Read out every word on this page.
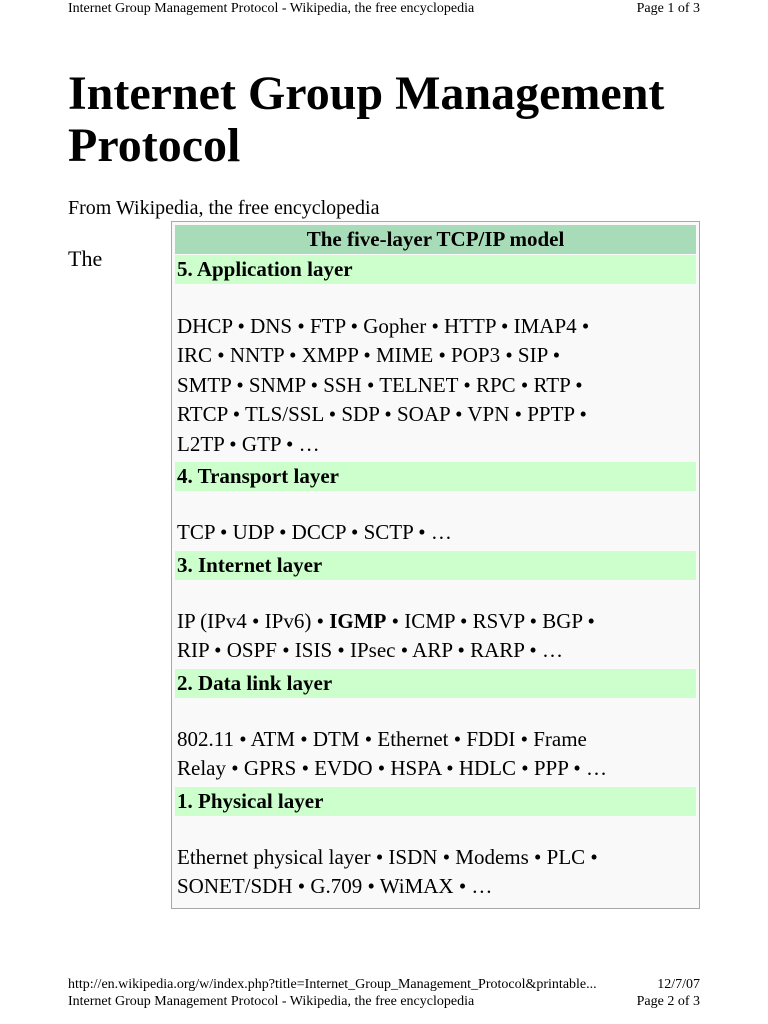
Internet Group Management Protocol - Wikipedia, the free encyclopedia	Page 1 of 3
Internet Group Management Protocol
From Wikipedia, the free encyclopedia
The
The five-layer TCP/IP model
5. Application layer
DHCP • DNS • FTP • Gopher • HTTP • IMAP4 •
IRC • NNTP • XMPP • MIME • POP3 • SIP •
SMTP • SNMP • SSH • TELNET • RPC • RTP •
RTCP • TLS/SSL • SDP • SOAP • VPN • PPTP •
L2TP • GTP • …
4. Transport layer
TCP • UDP • DCCP • SCTP • …
3. Internet layer
IP (IPv4 • IPv6) • IGMP • ICMP • RSVP • BGP •
RIP • OSPF • ISIS • IPsec • ARP • RARP • …
2. Data link layer
802.11 • ATM • DTM • Ethernet • FDDI • Frame
Relay • GPRS • EVDO • HSPA • HDLC • PPP • …
1. Physical layer
Ethernet physical layer • ISDN • Modems • PLC •
SONET/SDH • G.709 • WiMAX • …
http://en.wikipedia.org/w/index.php?title=Internet_Group_Management_Protocol&printable...	12/7/07
Internet Group Management Protocol - Wikipedia, the free encyclopedia	Page 2 of 3
